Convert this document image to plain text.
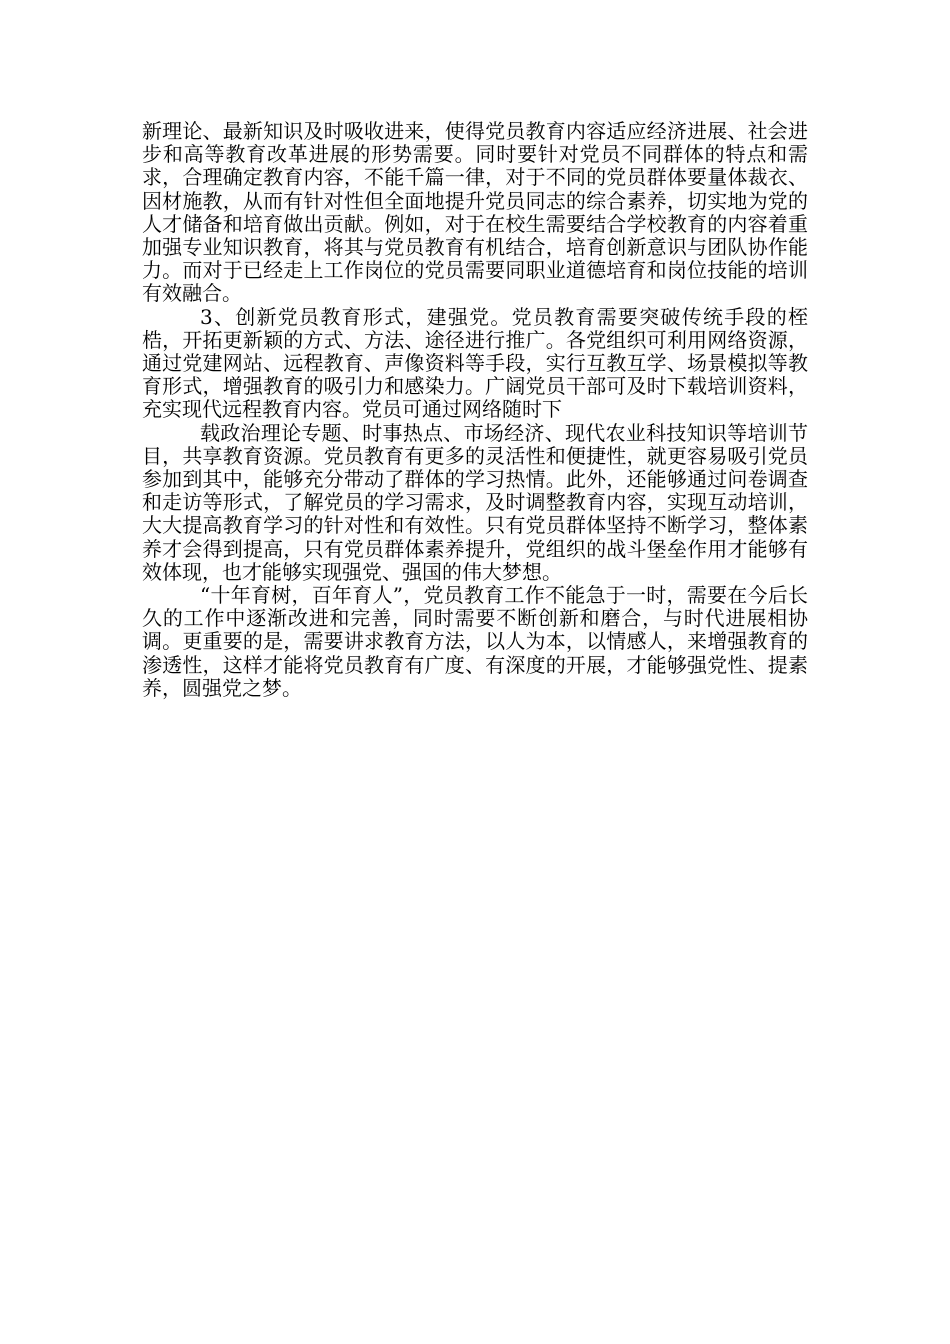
新理论、最新知识及时吸收进来，使得党员教育内容适应经济进展、社会进步和高等教育改革进展的形势需要。同时要针对党员不同群体的特点和需求，合理确定教育内容，不能千篇一律，对于不同的党员群体要量体裁衣、因材施教，从而有针对性但全面地提升党员同志的综合素养，切实地为党的人才储备和培育做出贡献。例如，对于在校生需要结合学校教育的内容着重加强专业知识教育，将其与党员教育有机结合，培育创新意识与团队协作能力。而对于已经走上工作岗位的党员需要同职业道德培育和岗位技能的培训有效融合。

3、创新党员教育形式，建强党。党员教育需要突破传统手段的桎梏，开拓更新颖的方式、方法、途径进行推广。各党组织可利用网络资源，通过党建网站、远程教育、声像资料等手段，实行互教互学、场景模拟等教育形式，增强教育的吸引力和感染力。广阔党员干部可及时下载培训资料，充实现代远程教育内容。党员可通过网络随时下

载政治理论专题、时事热点、市场经济、现代农业科技知识等培训节目，共享教育资源。党员教育有更多的灵活性和便捷性，就更容易吸引党员参加到其中，能够充分带动了群体的学习热情。此外，还能够通过问卷调查和走访等形式，了解党员的学习需求，及时调整教育内容，实现互动培训，大大提高教育学习的针对性和有效性。只有党员群体坚持不断学习，整体素养才会得到提高，只有党员群体素养提升，党组织的战斗堡垒作用才能够有效体现，也才能够实现强党、强国的伟大梦想。

“十年育树，百年育人”，党员教育工作不能急于一时，需要在今后长久的工作中逐渐改进和完善，同时需要不断创新和磨合，与时代进展相协调。更重要的是，需要讲求教育方法，以人为本，以情感人，来增强教育的渗透性，这样才能将党员教育有广度、有深度的开展，才能够强党性、提素养，圆强党之梦。
